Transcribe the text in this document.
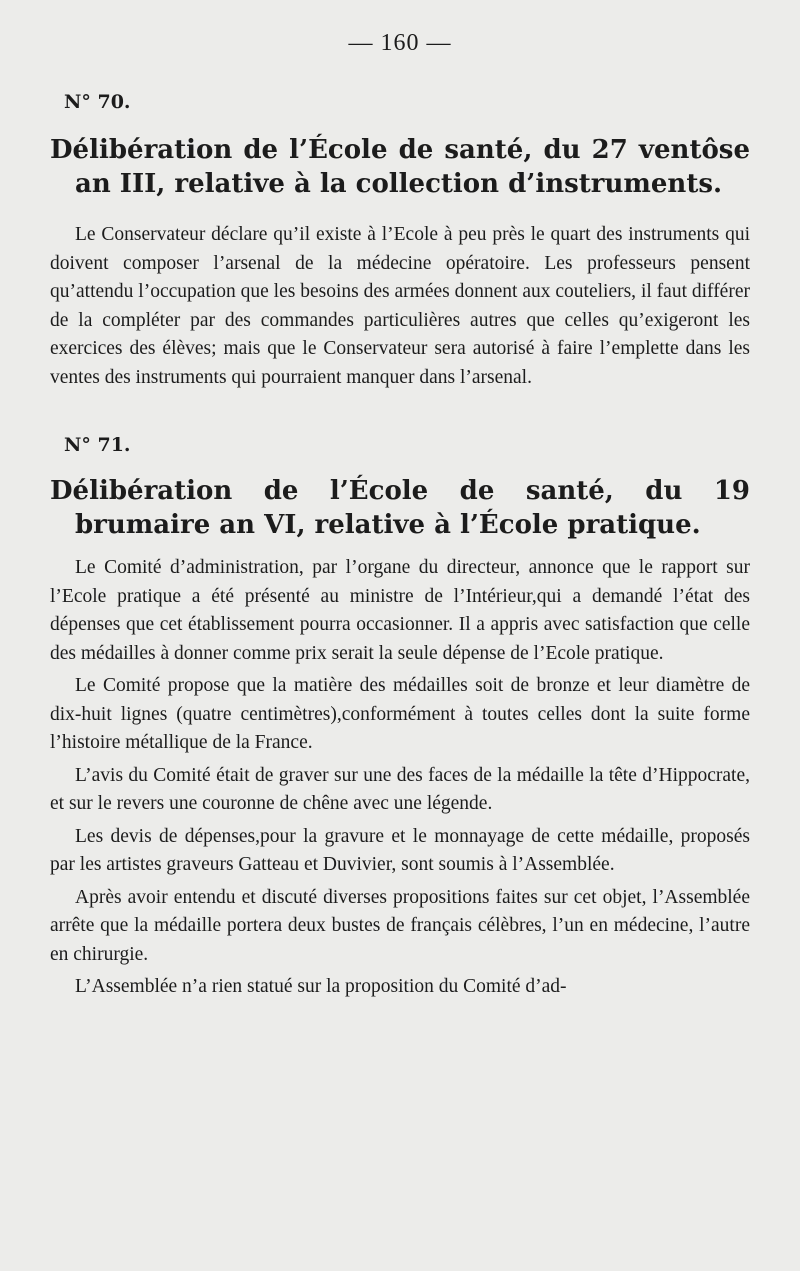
— 160 —
N° 70.
Délibération de l’École de santé, du 27 ventôse an III, relative à la collection d’instruments.

Le Conservateur déclare qu’il existe à l’Ecole à peu près le quart des instruments qui doivent composer l’arsenal de la médecine opératoire. Les professeurs pensent qu’attendu l’occupation que les besoins des armées donnent aux couteliers, il faut différer de la compléter par des commandes particulières autres que celles qu’exigeront les exercices des élèves; mais que le Conservateur sera autorisé à faire l’emplette dans les ventes des instruments qui pourraient manquer dans l’arsenal.

N° 71.
Délibération de l’École de santé, du 19 brumaire an VI, relative à l’École pratique.

Le Comité d’administration, par l’organe du directeur, annonce que le rapport sur l’Ecole pratique a été présenté au ministre de l’Intérieur,qui a demandé l’état des dépenses que cet établissement pourra occasionner. Il a appris avec satisfaction que celle des médailles à donner comme prix serait la seule dépense de l’Ecole pratique.

Le Comité propose que la matière des médailles soit de bronze et leur diamètre de dix-huit lignes (quatre centimètres),conformément à toutes celles dont la suite forme l’histoire métallique de la France.

L’avis du Comité était de graver sur une des faces de la médaille la tête d’Hippocrate, et sur le revers une couronne de chêne avec une légende.

Les devis de dépenses,pour la gravure et le monnayage de cette médaille, proposés par les artistes graveurs Gatteau et Duvivier, sont soumis à l’Assemblée.

Après avoir entendu et discuté diverses propositions faites sur cet objet, l’Assemblée arrête que la médaille portera deux bustes de français célèbres, l’un en médecine, l’autre en chirurgie.

L’Assemblée n’a rien statué sur la proposition du Comité d’ad-
